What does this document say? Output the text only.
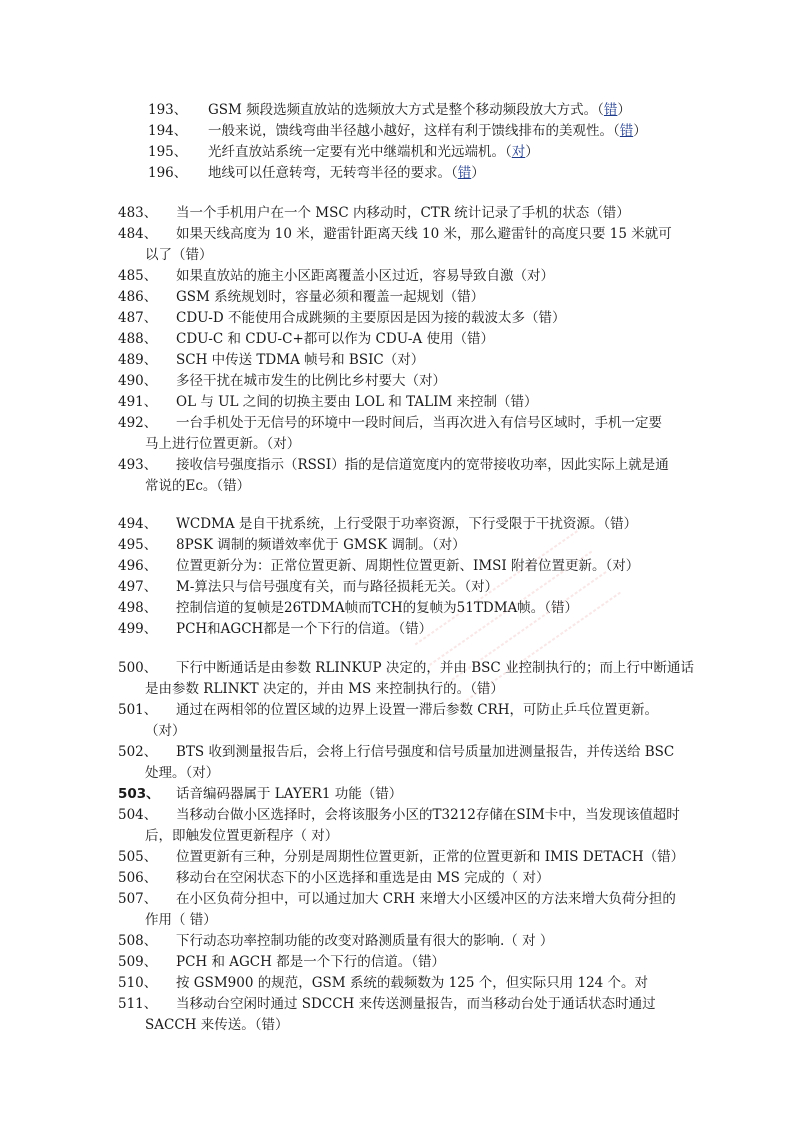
193、 GSM 频段选频直放站的选频放大方式是整个移动频段放大方式。（错）
194、 一般来说，馈线弯曲半径越小越好，这样有利于馈线排布的美观性。（错）
195、 光纤直放站系统一定要有光中继端机和光远端机。（对）
196、 地线可以任意转弯，无转弯半径的要求。（错）
483、 当一个手机用户在一个 MSC 内移动时，CTR 统计记录了手机的状态（错）
484、 如果天线高度为 10 米，避雷针距离天线 10 米，那么避雷针的高度只要 15 米就可
以了（错）
485、 如果直放站的施主小区距离覆盖小区过近，容易导致自激（对）
486、 GSM 系统规划时，容量必须和覆盖一起规划（错）
487、 CDU-D 不能使用合成跳频的主要原因是因为接的载波太多（错）
488、 CDU-C 和 CDU-C+都可以作为 CDU-A 使用（错）
489、 SCH 中传送 TDMA 帧号和 BSIC（对）
490、 多径干扰在城市发生的比例比乡村要大（对）
491、 OL 与 UL 之间的切换主要由 LOL 和 TALIM 来控制（错）
492、 一台手机处于无信号的环境中一段时间后，当再次进入有信号区域时，手机一定要
马上进行位置更新。（对）
493、 接收信号强度指示（RSSI）指的是信道宽度内的宽带接收功率，因此实际上就是通
常说的Ec。（错）
494、 WCDMA 是自干扰系统，上行受限于功率资源，下行受限于干扰资源。（错）
495、 8PSK 调制的频谱效率优于 GMSK 调制。（对）
496、 位置更新分为：正常位置更新、周期性位置更新、IMSI 附着位置更新。（对）
497、 M-算法只与信号强度有关，而与路径损耗无关。（对）
498、 控制信道的复帧是26TDMA帧而TCH的复帧为51TDMA帧。（错）
499、 PCH和AGCH都是一个下行的信道。（错）
500、 下行中断通话是由参数 RLINKUP 决定的，并由 BSC 业控制执行的；而上行中断通话
是由参数 RLINKT 决定的，并由 MS 来控制执行的。（错）
501、 通过在两相邻的位置区域的边界上设置一滞后参数 CRH，可防止乒乓位置更新。
（对）
502、 BTS 收到测量报告后，会将上行信号强度和信号质量加进测量报告，并传送给 BSC
处理。（对）
503、 话音编码器属于 LAYER1 功能（错）
504、 当移动台做小区选择时，会将该服务小区的T3212存储在SIM卡中，当发现该值超时
后，即触发位置更新程序（ 对）
505、 位置更新有三种，分别是周期性位置更新，正常的位置更新和 IMIS DETACH（错）
506、 移动台在空闲状态下的小区选择和重选是由 MS 完成的（ 对）
507、 在小区负荷分担中，可以通过加大 CRH 来增大小区缓冲区的方法来增大负荷分担的
作用（ 错）
508、 下行动态功率控制功能的改变对路测质量有很大的影响.（ 对 ）
509、 PCH 和 AGCH 都是一个下行的信道。（错）
510、 按 GSM900 的规范，GSM 系统的载频数为 125 个，但实际只用 124 个。对
511、 当移动台空闲时通过 SDCCH 来传送测量报告，而当移动台处于通话状态时通过
SACCH 来传送。（错）
